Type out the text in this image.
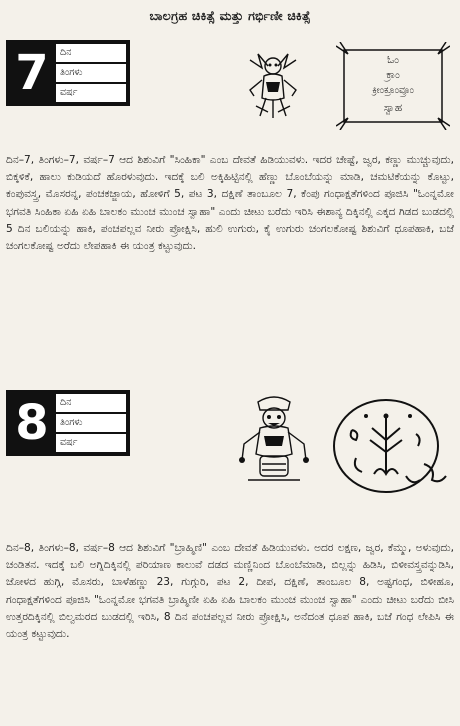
ಬಾಲಗ್ರಹ ಚಿಕಿತ್ಸೆ ಮತ್ತು ಗರ್ಭಿಣೀ ಚಿಕಿತ್ಸೆ
7	ದಿನ
ತಿಂಗಳು
ವರ್ಷ
ಓಂ
ಕ್ರಾಂ
ಕ್ರೀಂಕ್ರೂಂವ್ರೂಂ
ಸ್ವಾಹ
ದಿನ–7, ತಿಂಗಳು–7, ವರ್ಷ–7 ಆದ ಶಿಶುವಿಗೆ "ಸಿಂಹಿಕಾ" ಎಂಬ ದೇವತೆ ಹಿಡಿಯುವಳು. ಇದರ ಚೇಷ್ಟೆ, ಜ್ವರ, ಕಣ್ಣು ಮುಚ್ಚುವುದು, ಬಿಕ್ಕಳಿಕೆ, ಹಾಲು ಕುಡಿಯದೆ ಹೊರಳುವುದು. ಇದಕ್ಕೆ ಬಲಿ ಅಕ್ಕಿಹಿಟ್ಟಿನಲ್ಲಿ ಹೆಣ್ಣು ಬೊಂಬೆಯನ್ನು ಮಾಡಿ, ಚಮಟಿಕೆಯನ್ನು ಕೊಟ್ಟು, ಕಂಪುವಸ್ತ್ರ, ಮೊಸರನ್ನ, ಪಂಚಕಜ್ಜಾಯ, ಹೋಳಿಗೆ 5, ಪಟ 3, ದಕ್ಷಿಣೆ ತಾಂಬೂಲ 7, ಕೆಂಪು ಗಂಧಾಕ್ಷತೆಗಳಿಂದ ಪೂಜಿಸಿ "ಓಂನ್ನಮೋ ಭಗವತಿ ಸಿಂಹಿಕಾ ಏಹಿ ಏಹಿ ಬಾಲಕಂ ಮುಂಚ ಮುಂಚ ಸ್ವಾಹಾ" ಎಂದು ಚೀಟು ಬರೆದು ಇರಿಸಿ ಈಶಾನ್ಯ ದಿಕ್ಕಿನಲ್ಲಿ ಎಕ್ಕದ ಗಿಡದ ಬುಡದಲ್ಲಿ 5 ದಿನ ಬಲಿಯನ್ನು ಹಾಕಿ, ಪಂಚಪಲ್ಲವ ನೀರು ಪ್ರೋಕ್ಷಿಸಿ, ಹುಲಿ ಉಗುರು, ಕೈ ಉಗುರು ಚಂಗಲಕೋಷ್ಟ ಶಿಶುವಿಗೆ ಧೂಪಹಾಕಿ, ಬಜೆ ಚಂಗಲಕೋಷ್ಟ ಅರೆದು ಲೇಪಹಾಕಿ ಈ ಯಂತ್ರ ಕಟ್ಟುವುದು.
8	ದಿನ
ತಿಂಗಳು
ವರ್ಷ
ದಿನ–8, ತಿಂಗಳು–8, ವರ್ಷ–8 ಆದ ಶಿಶುವಿಗೆ "ಬ್ರಾಹ್ಮಿಣಿ" ಎಂಬ ದೇವತೆ ಹಿಡಿಯುವಳು. ಅದರ ಲಕ್ಷಣ, ಜ್ವರ, ಕೆಮ್ಮು, ಅಳುವುದು, ಚಂಡಿತನ. ಇದಕ್ಕೆ ಬಲಿ ಅಗ್ನಿದಿಕ್ಕಿನಲ್ಲಿ ಪರಿಯಾಣ ಕಾಲುವೆ ದಡದ ಮಣ್ಣಿನಿಂದ ಬೊಂಬೆಮಾಡಿ, ಬಿಲ್ಲನ್ನು ಹಿಡಿಸಿ, ಬಿಳೀವಸ್ತ್ರವನ್ನುಡಿಸಿ, ಜೋಳದ ಹುಗ್ಗಿ, ಮೊಸರು, ಬಾಳೆಹಣ್ಣು 23, ಗುಗ್ಗುರಿ, ಪಟ 2, ದೀಪ, ದಕ್ಷಿಣೆ, ತಾಂಬೂಲ 8, ಅಷ್ಟಗಂಧ, ಬಿಳೀಹೂ, ಗಂಧಾಕ್ಷತೆಗಳಿಂದ ಪೂಜಿಸಿ "ಓಂನ್ನಮೋ ಭಗವತಿ ಬ್ರಾಹ್ಮಿಣೀ ಏಹಿ ಏಹಿ ಬಾಲಕಂ ಮುಂಚ ಮುಂಚ ಸ್ವಾಹಾ" ಎಂದು ಚೀಟು ಬರೆದು ಬೀಸಿ ಉತ್ತರದಿಕ್ಕಿನಲ್ಲಿ ಬಿಲ್ವಮರದ ಬುಡದಲ್ಲಿ ಇರಿಸಿ, 8 ದಿನ ಪಂಚಪಲ್ಲವ ನೀರು ಪ್ರೋಕ್ಷಿಸಿ, ಅನೆದಂತ ಧೂಪ ಹಾಕಿ, ಬಜೆ ಗಂಧ ಲೇಪಿಸಿ ಈ ಯಂತ್ರ ಕಟ್ಟುವುದು.
